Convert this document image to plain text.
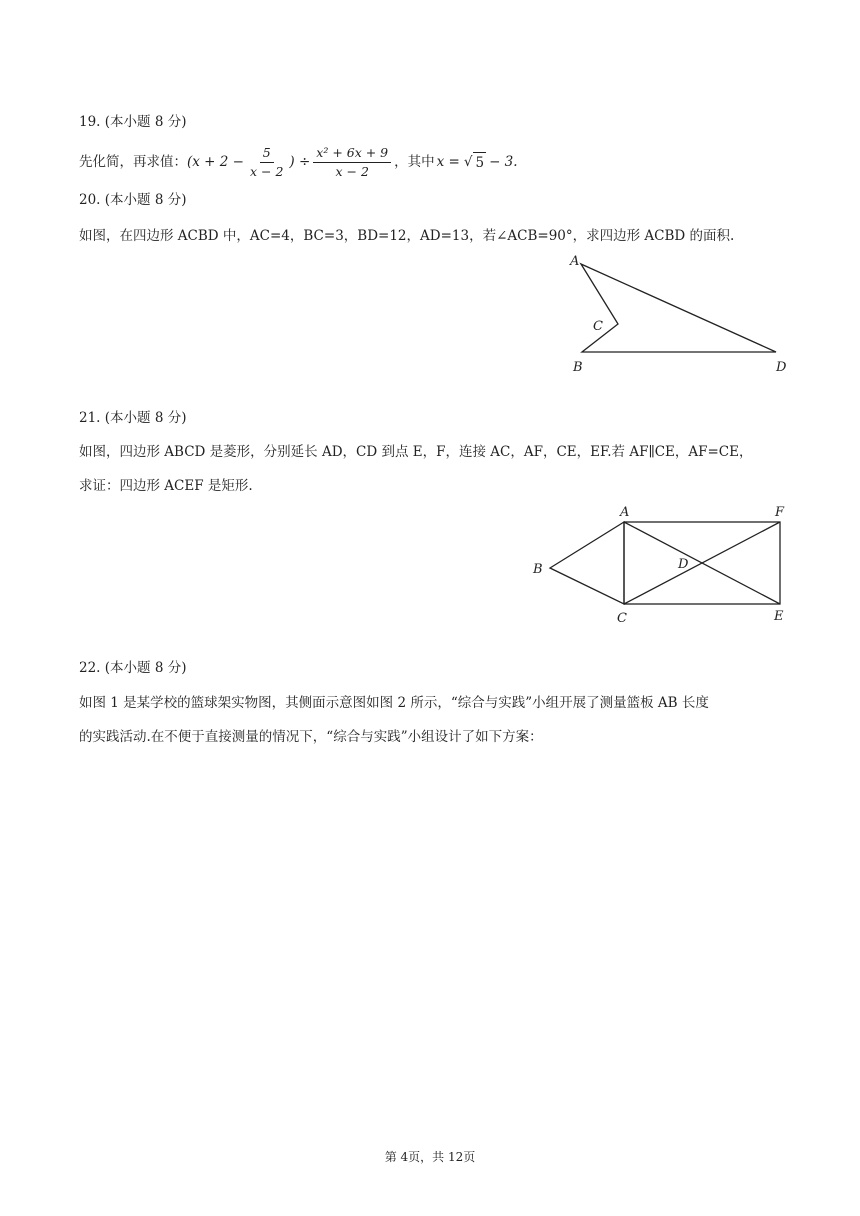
19. (本小题 8 分)
先化简，再求值： ($x + 2 - \frac{5}{x - 2}$ ) ÷ $\frac{\text{x² + 6x + 9}}{x - 2}$ ，其中 x = √ 5 − 3.
20. (本小题 8 分)
如图，在四边形 ACBD 中，AC=4，BC=3，BD=12，AD=13，若∠ACB=90°，求四边形 ACBD 的面积.
A
C
B	D
21. (本小题 8 分)
如图，四边形 ABCD 是菱形，分别延长 AD，CD 到点 E，F，连接 AC，AF，CE，EF.若 AF∥CE，AF=CE，
求证：四边形 ACEF 是矩形.
A
B
C
D
E
F
22. (本小题 8 分)
如图 1 是某学校的篮球架实物图，其侧面示意图如图 2 所示，“综合与实践”小组开展了测量篮板 AB 长度
的实践活动.在不便于直接测量的情况下，“综合与实践”小组设计了如下方案：
第 4页，共 12页
